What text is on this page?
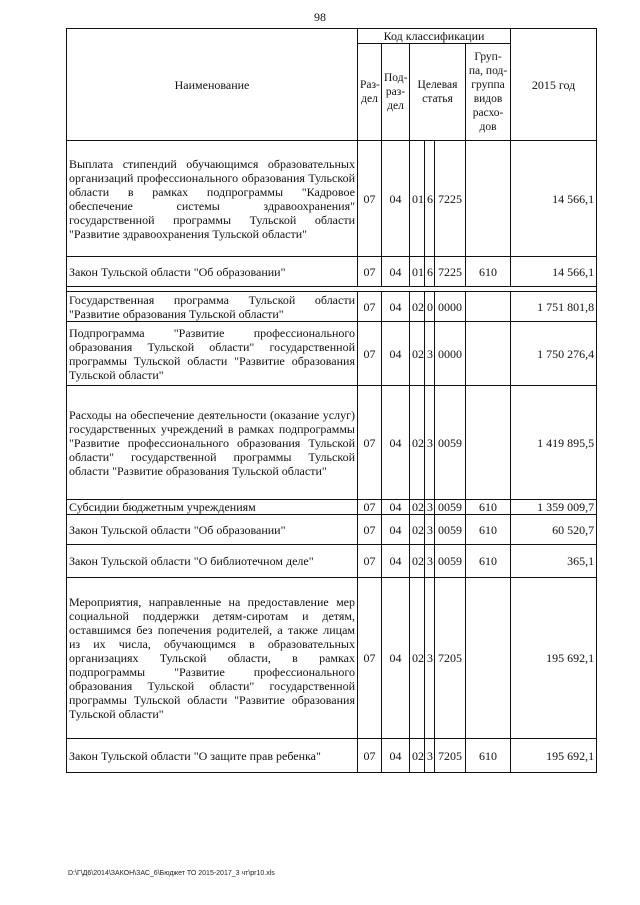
98
Наименование	Код классификации						2015 год
	Раз-дел	Под-раз-дел	Целевая статья			Груп-па, под-группа видов расхо-дов	
Выплата стипендий обучающимся образовательных организаций профессионального образования Тульской области в рамках подпрограммы "Кадровое обеспечение системы здравоохранения" государственной программы Тульской области "Развитие здравоохранения Тульской области"	07	04	01	6	7225		14 566,1
Закон Тульской области "Об образовании"	07	04	01	6	7225	610	14 566,1

Государственная программа Тульской области "Развитие образования Тульской области"	07	04	02	0	0000		1 751 801,8
Подпрограмма "Развитие профессионального образования Тульской области" государственной программы Тульской области "Развитие образования Тульской области"	07	04	02	3	0000		1 750 276,4
Расходы на обеспечение деятельности (оказание услуг) государственных учреждений в рамках подпрограммы "Развитие профессионального образования Тульской области" государственной программы Тульской области "Развитие образования Тульской области"	07	04	02	3	0059		1 419 895,5
Субсидии бюджетным учреждениям	07	04	02	3	0059	610	1 359 009,7
Закон Тульской области "Об образовании"	07	04	02	3	0059	610	60 520,7
Закон Тульской области "О библиотечном деле"	07	04	02	3	0059	610	365,1
Мероприятия, направленные на предоставление мер социальной поддержки детям-сиротам и детям, оставшимся без попечения родителей, а также лицам из их числа, обучающимся в образовательных организациях Тульской области, в рамках подпрограммы "Развитие профессионального образования Тульской области" государственной программы Тульской области "Развитие образования Тульской области"	07	04	02	3	7205		195 692,1
Закон Тульской области "О защите прав ребенка"	07	04	02	3	7205	610	195 692,1
D:\Г\Д6\2014\ЗАКОН\ЗАС_6\Бюджет ТО 2015-2017_3 чт\pr10.xls
